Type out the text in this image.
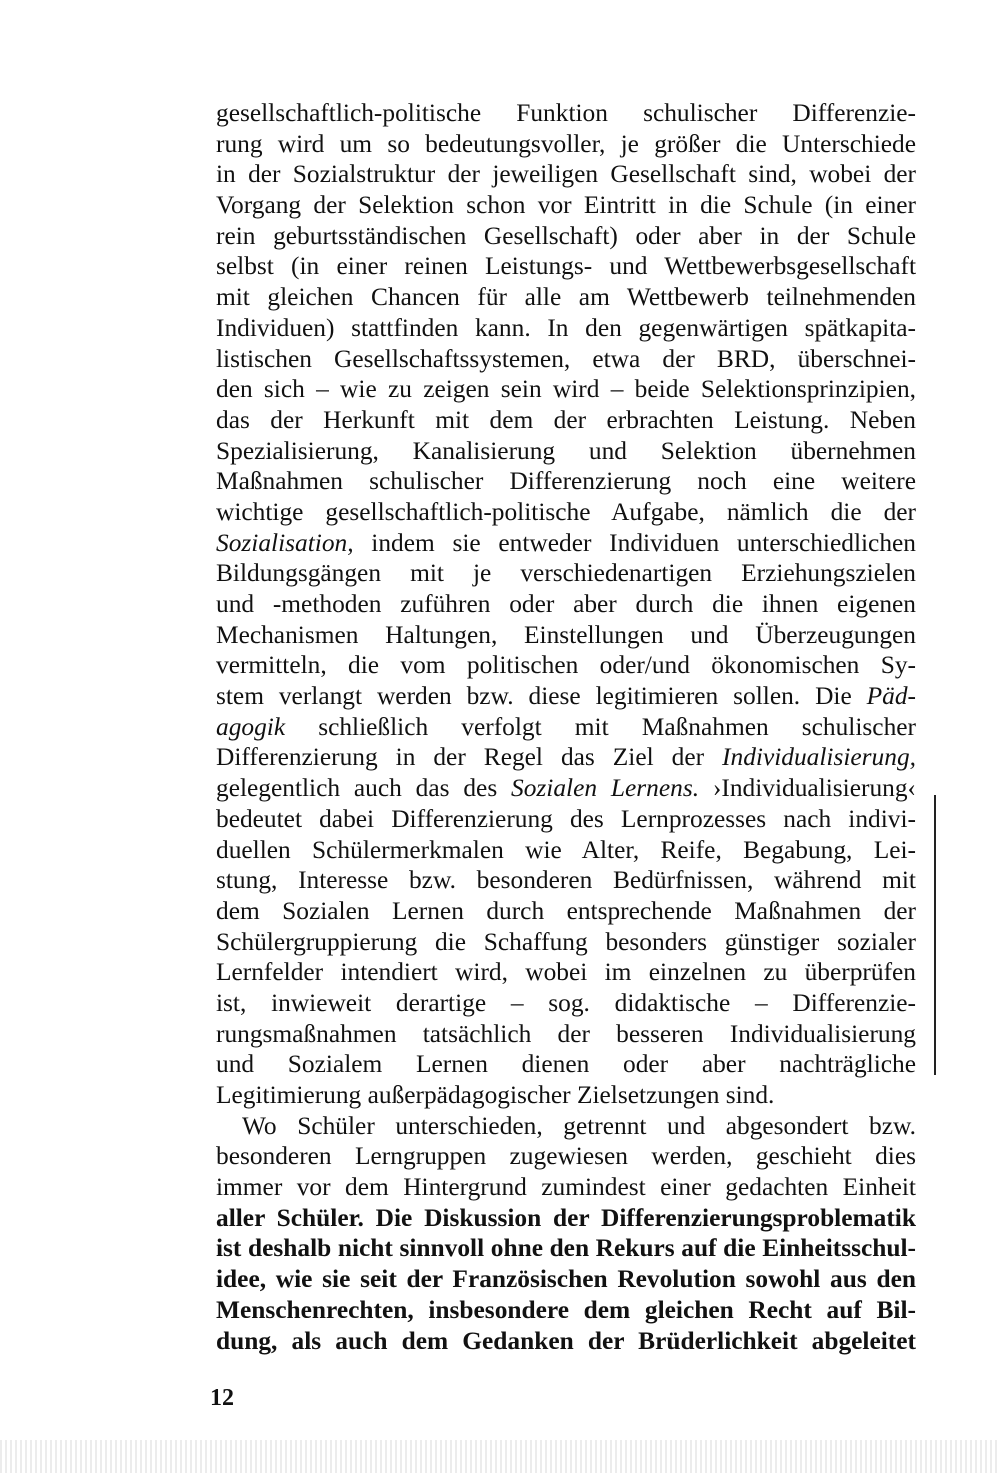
gesellschaftlich-politische Funktion schulischer Differenzie-
rung wird um so bedeutungsvoller, je größer die Unterschiede
in der Sozialstruktur der jeweiligen Gesellschaft sind, wobei der
Vorgang der Selektion schon vor Eintritt in die Schule (in einer
rein geburtsständischen Gesellschaft) oder aber in der Schule
selbst (in einer reinen Leistungs- und Wettbewerbsgesellschaft
mit gleichen Chancen für alle am Wettbewerb teilnehmenden
Individuen) stattfinden kann. In den gegenwärtigen spätkapita-
listischen Gesellschaftssystemen, etwa der BRD, überschnei-
den sich – wie zu zeigen sein wird – beide Selektionsprinzipien,
das der Herkunft mit dem der erbrachten Leistung. Neben
Spezialisierung, Kanalisierung und Selektion übernehmen
Maßnahmen schulischer Differenzierung noch eine weitere
wichtige gesellschaftlich-politische Aufgabe, nämlich die der
Sozialisation, indem sie entweder Individuen unterschiedlichen
Bildungsgängen mit je verschiedenartigen Erziehungszielen
und -methoden zuführen oder aber durch die ihnen eigenen
Mechanismen Haltungen, Einstellungen und Überzeugungen
vermitteln, die vom politischen oder/und ökonomischen Sy-
stem verlangt werden bzw. diese legitimieren sollen. Die Päd-
agogik schließlich verfolgt mit Maßnahmen schulischer
Differenzierung in der Regel das Ziel der Individualisierung,
gelegentlich auch das des Sozialen Lernens. ›Individualisierung‹
bedeutet dabei Differenzierung des Lernprozesses nach indivi-
duellen Schülermerkmalen wie Alter, Reife, Begabung, Lei-
stung, Interesse bzw. besonderen Bedürfnissen, während mit
dem Sozialen Lernen durch entsprechende Maßnahmen der
Schülergruppierung die Schaffung besonders günstiger sozialer
Lernfelder intendiert wird, wobei im einzelnen zu überprüfen
ist, inwieweit derartige – sog. didaktische – Differenzie-
rungsmaßnahmen tatsächlich der besseren Individualisierung
und Sozialem Lernen dienen oder aber nachträgliche
Legitimierung außerpädagogischer Zielsetzungen sind.
Wo Schüler unterschieden, getrennt und abgesondert bzw.
besonderen Lerngruppen zugewiesen werden, geschieht dies
immer vor dem Hintergrund zumindest einer gedachten Einheit
aller Schüler. Die Diskussion der Differenzierungsproblematik
ist deshalb nicht sinnvoll ohne den Rekurs auf die Einheitsschul-
idee, wie sie seit der Französischen Revolution sowohl aus den
Menschenrechten, insbesondere dem gleichen Recht auf Bil-
dung, als auch dem Gedanken der Brüderlichkeit abgeleitet
12
